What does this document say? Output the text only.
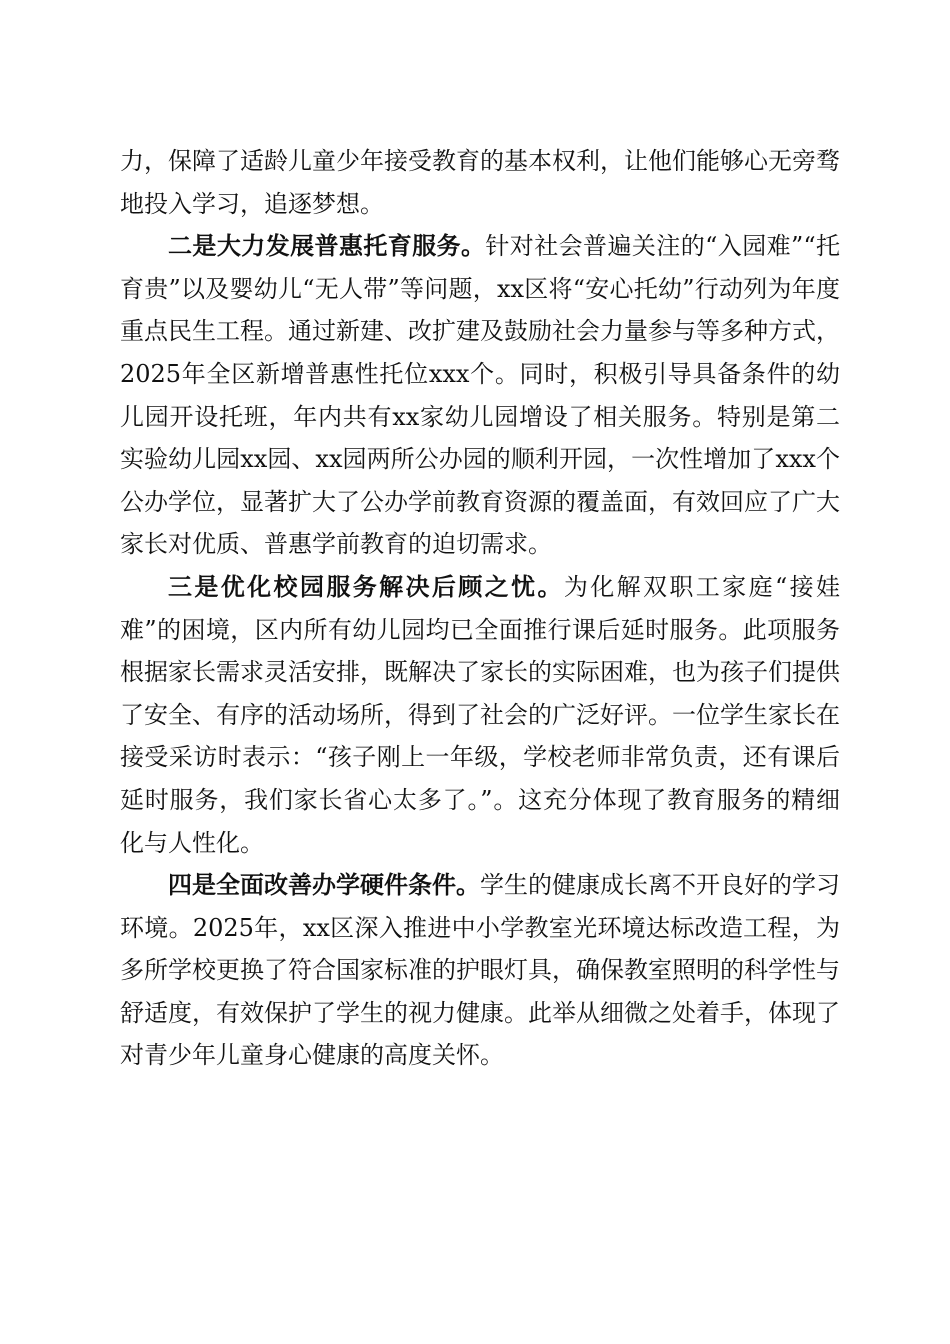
力，保障了适龄儿童少年接受教育的基本权利，让他们能够心无旁骛地投入学习，追逐梦想。

二是大力发展普惠托育服务。针对社会普遍关注的“入园难”“托育贵”以及婴幼儿“无人带”等问题，xx区将“安心托幼”行动列为年度重点民生工程。通过新建、改扩建及鼓励社会力量参与等多种方式，2025年全区新增普惠性托位xxx个。同时，积极引导具备条件的幼儿园开设托班，年内共有xx家幼儿园增设了相关服务。特别是第二实验幼儿园xx园、xx园两所公办园的顺利开园，一次性增加了xxx个公办学位，显著扩大了公办学前教育资源的覆盖面，有效回应了广大家长对优质、普惠学前教育的迫切需求。

三是优化校园服务解决后顾之忧。为化解双职工家庭“接娃难”的困境，区内所有幼儿园均已全面推行课后延时服务。此项服务根据家长需求灵活安排，既解决了家长的实际困难，也为孩子们提供了安全、有序的活动场所，得到了社会的广泛好评。一位学生家长在接受采访时表示：“孩子刚上一年级，学校老师非常负责，还有课后延时服务，我们家长省心太多了。”。这充分体现了教育服务的精细化与人性化。

四是全面改善办学硬件条件。学生的健康成长离不开良好的学习环境。2025年，xx区深入推进中小学教室光环境达标改造工程，为多所学校更换了符合国家标准的护眼灯具，确保教室照明的科学性与舒适度，有效保护了学生的视力健康。此举从细微之处着手，体现了对青少年儿童身心健康的高度关怀。
